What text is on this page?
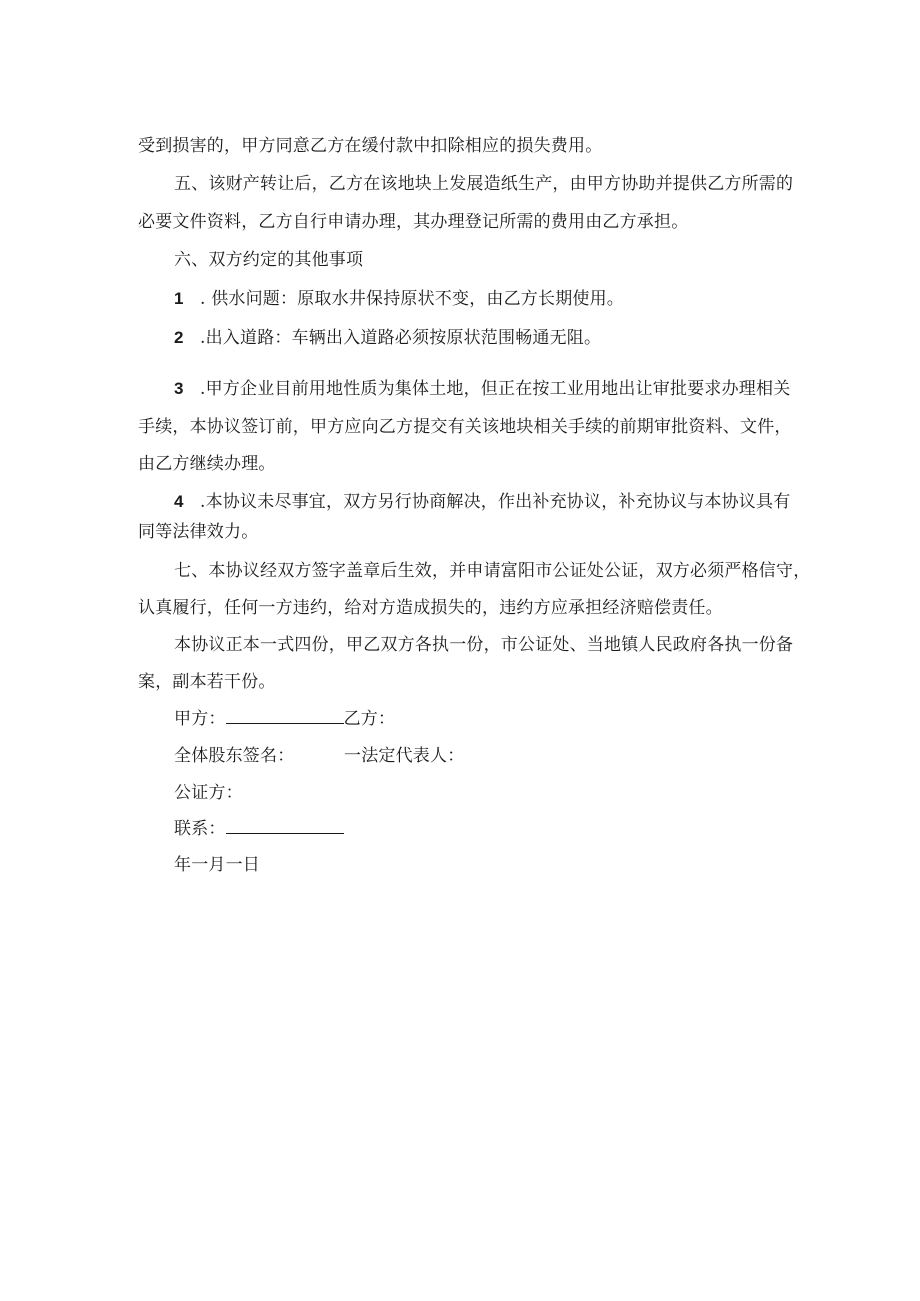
受到损害的，甲方同意乙方在缓付款中扣除相应的损失费用。
五、该财产转让后，乙方在该地块上发展造纸生产，由甲方协助并提供乙方所需的
必要文件资料，乙方自行申请办理，其办理登记所需的费用由乙方承担。
六、双方约定的其他事项
1 . 供水问题：原取水井保持原状不变，由乙方长期使用。
2 .出入道路：车辆出入道路必须按原状范围畅通无阻。
3 .甲方企业目前用地性质为集体土地，但正在按工业用地出让审批要求办理相关
手续，本协议签订前，甲方应向乙方提交有关该地块相关手续的前期审批资料、文件，
由乙方继续办理。
4 .本协议未尽事宜，双方另行协商解决，作出补充协议，补充协议与本协议具有
同等法律效力。
七、本协议经双方签字盖章后生效，并申请富阳市公证处公证，双方必须严格信守，
认真履行，任何一方违约，给对方造成损失的，违约方应承担经济赔偿责任。
本协议正本一式四份，甲乙双方各执一份，市公证处、当地镇人民政府各执一份备
案，副本若干份。
甲方：	乙方：
全体股东签名：	一法定代表人：
公证方：
联系：
年一月一日
